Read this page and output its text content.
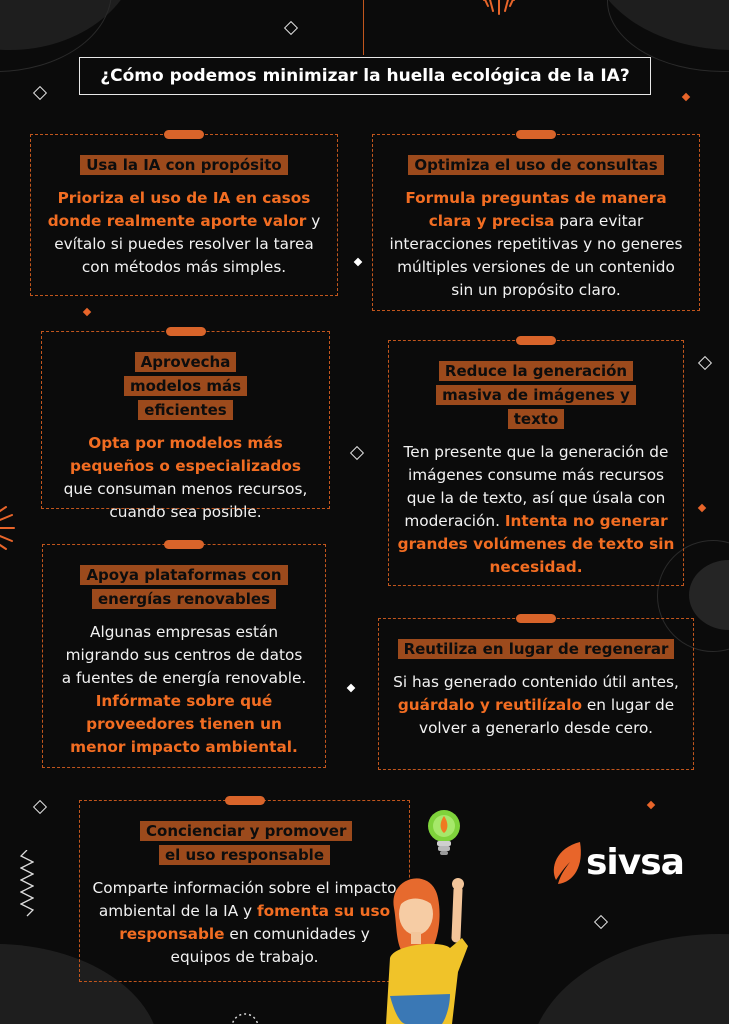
¿Cómo podemos minimizar la huella ecológica de la IA?
Usa la IA con propósito
Prioriza el uso de IA en casos donde realmente aporte valor y evítalo si puedes resolver la tarea con métodos más simples.
Optimiza el uso de consultas
Formula preguntas de manera clara y precisa para evitar interacciones repetitivas y no generes múltiples versiones de un contenido sin un propósito claro.
Aprovecha modelos más eficientes
Opta por modelos más pequeños o especializados que consuman menos recursos, cuando sea posible.
Reduce la generación masiva de imágenes y texto
Ten presente que la generación de imágenes consume más recursos que la de texto, así que úsala con moderación. Intenta no generar grandes volúmenes de texto sin necesidad.
Apoya plataformas con energías renovables
Algunas empresas están migrando sus centros de datos a fuentes de energía renovable. Infórmate sobre qué proveedores tienen un menor impacto ambiental.
Reutiliza en lugar de regenerar
Si has generado contenido útil antes, guárdalo y reutilízalo en lugar de volver a generarlo desde cero.
Concienciar y promover el uso responsable
Comparte información sobre el impacto ambiental de la IA y fomenta su uso responsable en comunidades y equipos de trabajo.
sivsa
